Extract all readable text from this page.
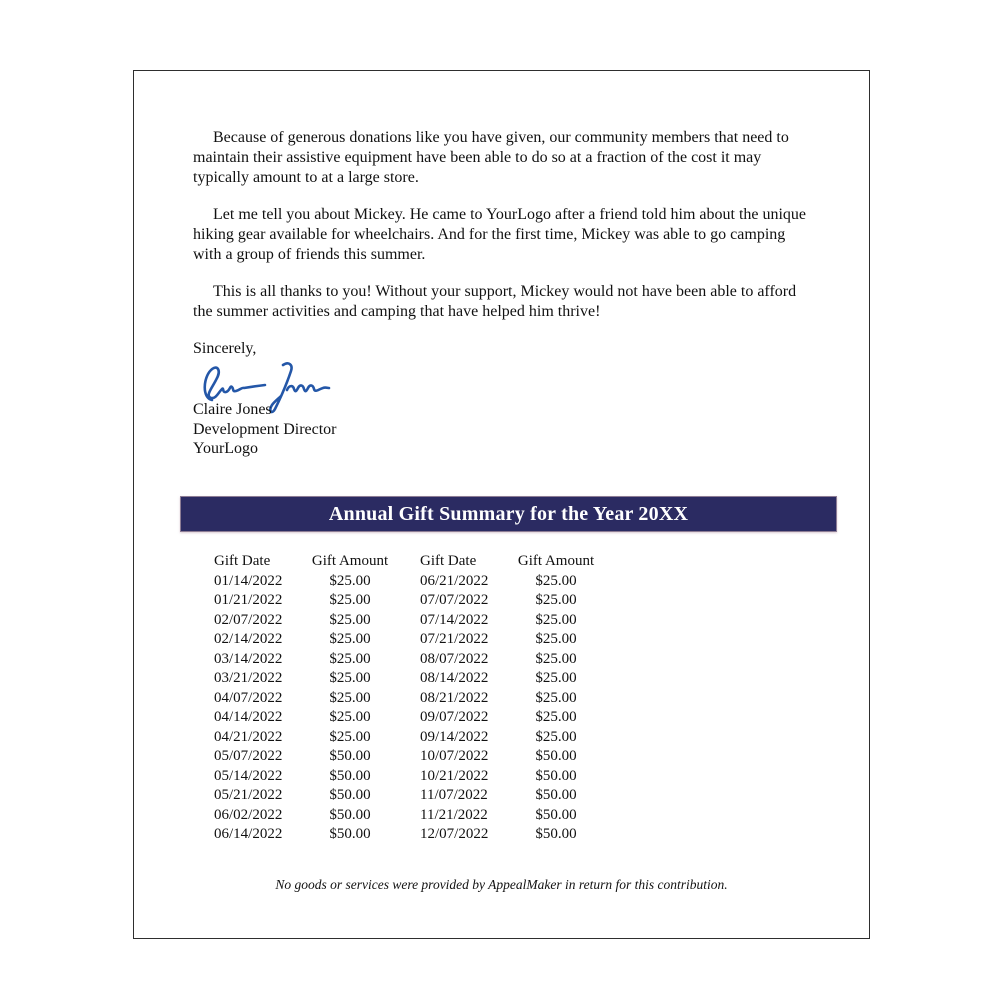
Because of generous donations like you have given, our community members that need to maintain their assistive equipment have been able to do so at a fraction of the cost it may typically amount to at a large store.

Let me tell you about Mickey. He came to YourLogo after a friend told him about the unique hiking gear available for wheelchairs. And for the first time, Mickey was able to go camping with a group of friends this summer.

This is all thanks to you! Without your support, Mickey would not have been able to afford the summer activities and camping that have helped him thrive!

Sincerely,

Claire Jones
Development Director
YourLogo
Annual Gift Summary for the Year 20XX
Gift Date	Gift Amount		Gift Date	Gift Amount
01/14/2022	$25.00		06/21/2022	$25.00
01/21/2022	$25.00		07/07/2022	$25.00
02/07/2022	$25.00		07/14/2022	$25.00
02/14/2022	$25.00		07/21/2022	$25.00
03/14/2022	$25.00		08/07/2022	$25.00
03/21/2022	$25.00		08/14/2022	$25.00
04/07/2022	$25.00		08/21/2022	$25.00
04/14/2022	$25.00		09/07/2022	$25.00
04/21/2022	$25.00		09/14/2022	$25.00
05/07/2022	$50.00		10/07/2022	$50.00
05/14/2022	$50.00		10/21/2022	$50.00
05/21/2022	$50.00		11/07/2022	$50.00
06/02/2022	$50.00		11/21/2022	$50.00
06/14/2022	$50.00		12/07/2022	$50.00
No goods or services were provided by AppealMaker in return for this contribution.
